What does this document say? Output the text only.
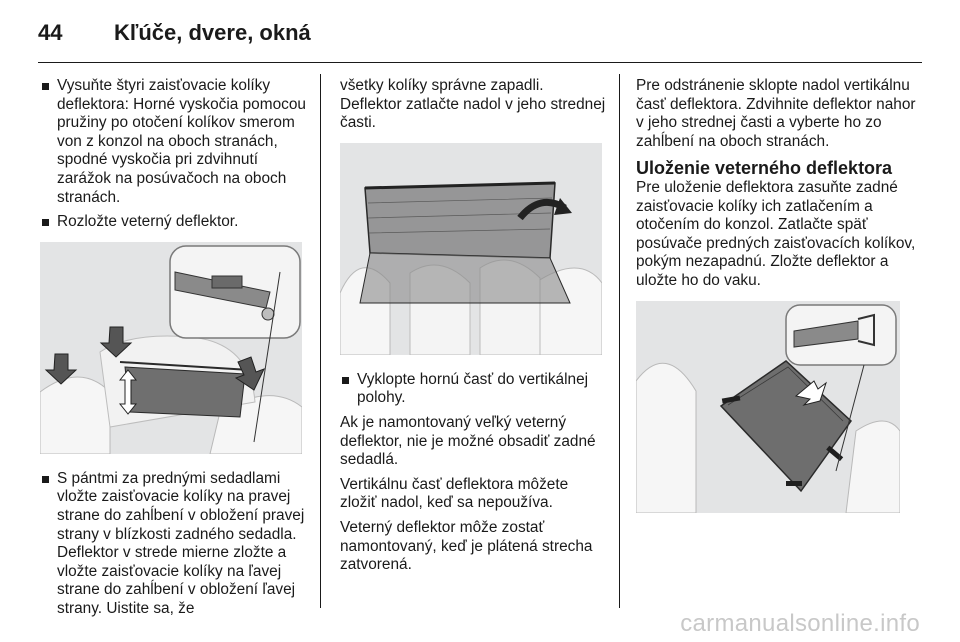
44 Kľúče, dvere, okná
Vysuňte štyri zaisťovacie kolíky deflektora: Horné vyskočia pomocou pružiny po otočení kolíkov smerom von z konzol na oboch stranách, spodné vyskočia pri zdvihnutí zarážok na posúvačoch na oboch stranách.
Rozložte veterný deflektor.
S pántmi za prednými sedadlami vložte zaisťovacie kolíky na pravej strane do zahĺbení v obložení pravej strany v blízkosti zadného sedadla. Deflektor v strede mierne zložte a vložte zaisťovacie kolíky na ľavej strane do zahĺbení v obložení ľavej strany. Uistite sa, že

všetky kolíky správne zapadli. Deflektor zatlačte nadol v jeho strednej časti.

Vyklopte hornú časť do vertikálnej polohy.

Ak je namontovaný veľký veterný deflektor, nie je možné obsadiť zadné sedadlá.

Vertikálnu časť deflektora môžete zložiť nadol, keď sa nepoužíva.

Veterný deflektor môže zostať namontovaný, keď je plátená strecha zatvorená.

Pre odstránenie sklopte nadol vertikálnu časť deflektora. Zdvihnite deflektor nahor v jeho strednej časti a vyberte ho zo zahĺbení na oboch stranách.

Uloženie veterného deflektora

Pre uloženie deflektora zasuňte zadné zaisťovacie kolíky ich zatlačením a otočením do konzol. Zatlačte späť posúvače predných zaisťovacích kolíkov, pokým nezapadnú. Zložte deflektor a uložte ho do vaku.

carmanualsonline.info
